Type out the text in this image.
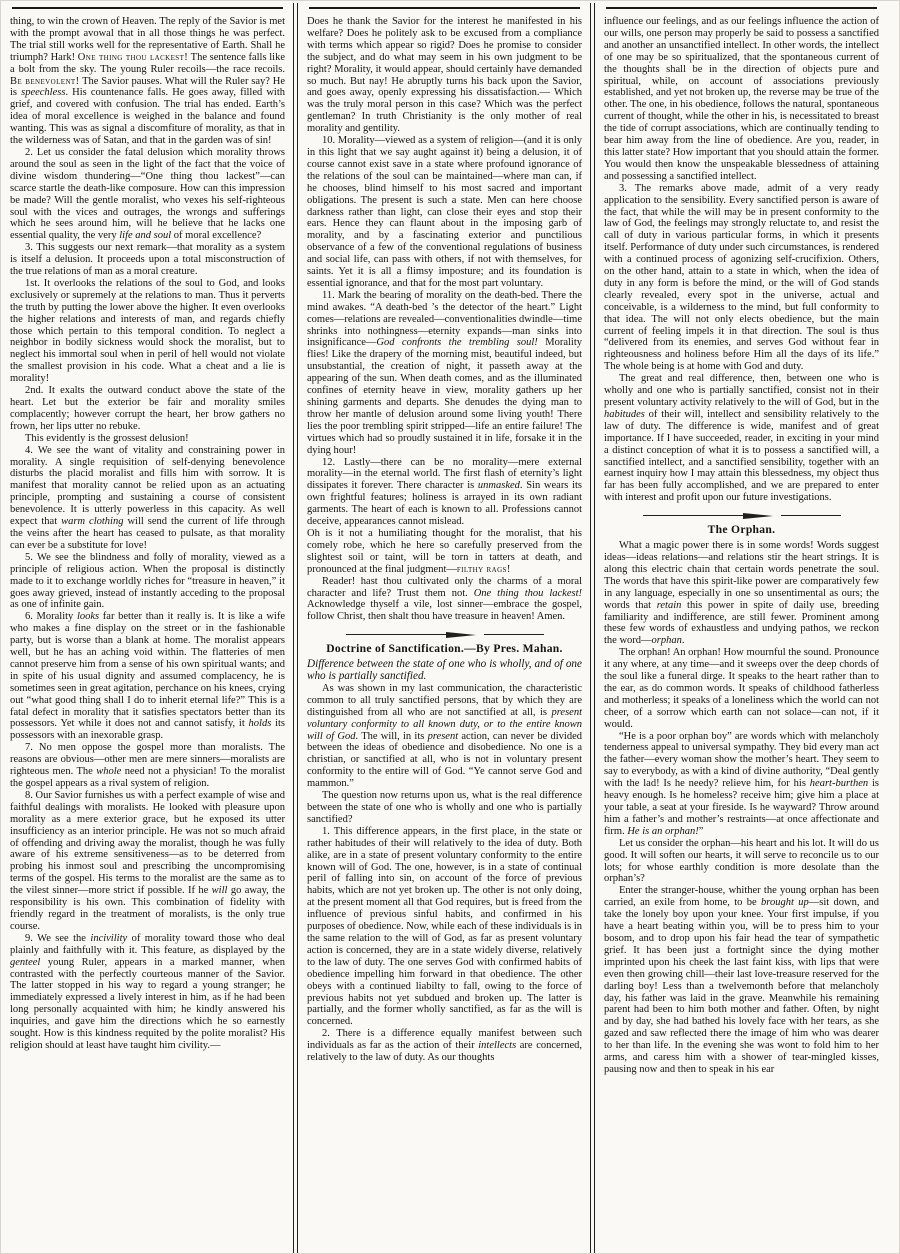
thing, to win the crown of Heaven. The reply of the Savior is met with the prompt avowal that in all those things he was perfect. The trial still works well for the representative of Earth. Shall he triumph? Hark! One thing thou lackest! The sentence falls like a bolt from the sky. The young Ruler recoils—the race recoils. Be benevolent! The Savior pauses. What will the Ruler say? He is speechless. His countenance falls. He goes away, filled with grief, and covered with confusion. The trial has ended. Earth’s idea of moral excellence is weighed in the balance and found wanting. This was as signal a discomfiture of morality, as that in the wilderness was of Satan, and that in the garden was of sin!

2. Let us consider the fatal delusion which morality throws around the soul as seen in the light of the fact that the voice of divine wisdom thundering—“One thing thou lackest”—can scarce startle the death-like composure. How can this impression be made? Will the gentle moralist, who vexes his self-righteous soul with the vices and outrages, the wrongs and sufferings which he sees around him, will he believe that he lacks one essential quality, the very life and soul of moral excellence?

3. This suggests our next remark—that morality as a system is itself a delusion. It proceeds upon a total misconstruction of the true relations of man as a moral creature.

1st. It overlooks the relations of the soul to God, and looks exclusively or supremely at the relations to man. Thus it perverts the truth by putting the lower above the higher. It even overlooks the higher relations and interests of man, and regards chiefly those which pertain to this temporal condition. To neglect a neighbor in bodily sickness would shock the moralist, but to neglect his immortal soul when in peril of hell would not violate the smallest provision in his code. What a cheat and a lie is morality!

2nd. It exalts the outward conduct above the state of the heart. Let but the exterior be fair and morality smiles complacently; however corrupt the heart, her brow gathers no frown, her lips utter no rebuke.

This evidently is the grossest delusion!

4. We see the want of vitality and constraining power in morality. A single requisition of self-denying benevolence disturbs the placid moralist and fills him with sorrow. It is manifest that morality cannot be relied upon as an actuating principle, prompting and sustaining a course of consistent benevolence. It is utterly powerless in this capacity. As well expect that warm clothing will send the current of life through the veins after the heart has ceased to pulsate, as that morality can ever be a substitute for love!

5. We see the blindness and folly of morality, viewed as a principle of religious action. When the proposal is distinctly made to it to exchange worldly riches for “treasure in heaven,” it goes away grieved, instead of instantly acceding to the proposal as one of infinite gain.

6. Morality looks far better than it really is. It is like a wife who makes a fine display on the street or in the fashionable party, but is worse than a blank at home. The moralist appears well, but he has an aching void within. The flatteries of men cannot preserve him from a sense of his own spiritual wants; and in spite of his usual dignity and assumed complacency, he is sometimes seen in great agitation, perchance on his knees, crying out “what good thing shall I do to inherit eternal life?” This is a fatal defect in morality that it satisfies spectators better than its possessors. Yet while it does not and cannot satisfy, it holds its possessors with an inexorable grasp.

7. No men oppose the gospel more than moralists. The reasons are obvious—other men are mere sinners—moralists are righteous men. The whole need not a physician! To the moralist the gospel appears as a rival system of religion.

8. Our Savior furnishes us with a perfect example of wise and faithful dealings with moralists. He looked with pleasure upon morality as a mere exterior grace, but he exposed its utter insufficiency as an interior principle. He was not so much afraid of offending and driving away the moralist, though he was fully aware of his extreme sensitiveness—as to be deterred from probing his inmost soul and prescribing the uncompromising terms of the gospel. His terms to the moralist are the same as to the vilest sinner—more strict if possible. If he will go away, the responsibility is his own. This combination of fidelity with friendly regard in the treatment of moralists, is the only true course.

9. We see the incivility of morality toward those who deal plainly and faithfully with it. This feature, as displayed by the genteel young Ruler, appears in a marked manner, when contrasted with the perfectly courteous manner of the Savior. The latter stopped in his way to regard a young stranger; he immediately expressed a lively interest in him, as if he had been long personally acquainted with him; he kindly answered his inquiries, and gave him the directions which he so earnestly sought. How is this kindness requited by the polite moralist? His religion should at least have taught him civility.—

Does he thank the Savior for the interest he manifested in his welfare? Does he politely ask to be excused from a compliance with terms which appear so rigid? Does he promise to consider the subject, and do what may seem in his own judgment to be right? Morality, it would appear, should certainly have demanded so much. But nay! He abruptly turns his back upon the Savior, and goes away, openly expressing his dissatisfaction.— Which was the truly moral person in this case? Which was the perfect gentleman? In truth Christianity is the only mother of real morality and gentility.

10. Morality—viewed as a system of religion—(and it is only in this light that we say aught against it) being a delusion, it of course cannot exist save in a state where profound ignorance of the relations of the soul can be maintained—where man can, if he chooses, blind himself to his most sacred and important obligations. The present is such a state. Men can here choose darkness rather than light, can close their eyes and stop their ears. Hence they can flaunt about in the imposing garb of morality, and by a fascinating exterior and punctilious observance of a few of the conventional regulations of business and social life, can pass with others, if not with themselves, for saints. Yet it is all a flimsy imposture; and its foundation is essential ignorance, and that for the most part voluntary.

11. Mark the bearing of morality on the death-bed. There the mind awakes. “A death-bed ’s the detector of the heart.” Light comes—relations are revealed—conventionalities dwindle—time shrinks into nothingness—eternity expands—man sinks into insignificance—God confronts the trembling soul! Morality flies! Like the drapery of the morning mist, beautiful indeed, but unsubstantial, the creation of night, it passeth away at the appearing of the sun. When death comes, and as the illuminated confines of eternity heave in view, morality gathers up her shining garments and departs. She denudes the dying man to throw her mantle of delusion around some living youth! There lies the poor trembling spirit stripped—life an entire failure! The virtues which had so proudly sustained it in life, forsake it in the dying hour!

12. Lastly—there can be no morality—mere external morality—in the eternal world. The first flash of eternity’s light dissipates it forever. There character is unmasked. Sin wears its own frightful features; holiness is arrayed in its own radiant garments. The heart of each is known to all. Professions cannot deceive, appearances cannot mislead.

Oh is it not a humiliating thought for the moralist, that his comely robe, which he here so carefully preserved from the slightest soil or taint, will be torn in tatters at death, and pronounced at the final judgment—filthy rags!

Reader! hast thou cultivated only the charms of a moral character and life? Trust them not. One thing thou lackest! Acknowledge thyself a vile, lost sinner—embrace the gospel, follow Christ, then shalt thou have treasure in heaven! Amen.

Doctrine of Sanctification.—By Pres. Mahan.

Difference between the state of one who is wholly, and of one who is partially sanctified.

As was shown in my last communication, the characteristic common to all truly sanctified persons, that by which they are distinguished from all who are not sanctified at all, is present voluntary conformity to all known duty, or to the entire known will of God. The will, in its present action, can never be divided between the ideas of obedience and disobedience. No one is a christian, or sanctified at all, who is not in voluntary present conformity to the entire will of God. “Ye cannot serve God and mammon.”

The question now returns upon us, what is the real difference between the state of one who is wholly and one who is partially sanctified?

1. This difference appears, in the first place, in the state or rather habitudes of their will relatively to the idea of duty. Both alike, are in a state of present voluntary conformity to the entire known will of God. The one, however, is in a state of continual peril of falling into sin, on account of the force of previous habits, which are not yet broken up. The other is not only doing, at the present moment all that God requires, but is freed from the influence of previous sinful habits, and confirmed in his purposes of obedience. Now, while each of these individuals is in the same relation to the will of God, as far as present voluntary action is concerned, they are in a state widely diverse, relatively to the law of duty. The one serves God with confirmed habits of obedience impelling him forward in that obedience. The other obeys with a continued liabilty to fall, owing to the force of previous habits not yet subdued and broken up. The latter is partially, and the former wholly sanctified, as far as the will is concerned.

2. There is a difference equally manifest between such individuals as far as the action of their intellects are concerned, relatively to the law of duty. As our thoughts

influence our feelings, and as our feelings influence the action of our wills, one person may properly be said to possess a sanctified and another an unsanctified intellect. In other words, the intellect of one may be so spiritualized, that the spontaneous current of the thoughts shall be in the direction of objects pure and spiritual, while, on account of associations previously established, and yet not broken up, the reverse may be true of the other. The one, in his obedience, follows the natural, spontaneous current of thought, while the other in his, is necessitated to breast the tide of corrupt associations, which are continually tending to bear him away from the line of obedience. Are you, reader, in this latter state? How important that you should attain the former. You would then know the unspeakable blessedness of attaining and possessing a sanctified intellect.

3. The remarks above made, admit of a very ready application to the sensibility. Every sanctified person is aware of the fact, that while the will may be in present conformity to the law of God, the feelings may strongly reluctate to, and resist the call of duty in various particular forms, in which it presents itself. Performance of duty under such circumstances, is rendered with a continued process of agonizing self-crucifixion. Others, on the other hand, attain to a state in which, when the idea of duty in any form is before the mind, or the will of God stands clearly revealed, every spot in the universe, actual and conceivable, is a wilderness to the mind, but full conformity to that idea. The will not only elects obedience, but the main current of feeling impels it in that direction. The soul is thus “delivered from its enemies, and serves God without fear in righteousness and holiness before Him all the days of its life.” The whole being is at home with God and duty.

The great and real difference, then, between one who is wholly and one who is partially sanctified, consist not in their present voluntary activity relatively to the will of God, but in the habitudes of their will, intellect and sensibility relatively to the law of duty. The difference is wide, manifest and of great importance. If I have succeeded, reader, in exciting in your mind a distinct conception of what it is to possess a sanctified will, a sanctified intellect, and a sanctified sensibility, together with an earnest inquiry how I may attain this blessedness, my object thus far has been fully accomplished, and we are prepared to enter with interest and profit upon our future investigations.

The Orphan.

What a magic power there is in some words! Words suggest ideas—ideas relations—and relations stir the heart strings. It is along this electric chain that certain words penetrate the soul. The words that have this spirit-like power are comparatively few in any language, especially in one so unsentimental as ours; the words that retain this power in spite of daily use, breeding familiarity and indifference, are still fewer. Prominent among these few words of exhaustless and undying pathos, we reckon the word—orphan.

The orphan! An orphan! How mournful the sound. Pronounce it any where, at any time—and it sweeps over the deep chords of the soul like a funeral dirge. It speaks to the heart rather than to the ear, as do common words. It speaks of childhood fatherless and motherless; it speaks of a loneliness which the world can not cheer, of a sorrow which earth can not solace—can not, if it would.

“He is a poor orphan boy” are words which with melancholy tenderness appeal to universal sympathy. They bid every man act the father—every woman show the mother’s heart. They seem to say to everybody, as with a kind of divine authority, “Deal gently with the lad! Is he needy? relieve him, for his heart-burthen is heavy enough. Is he homeless? receive him; give him a place at your table, a seat at your fireside. Is he wayward? Throw around him a father’s and mother’s restraints—at once affectionate and firm. He is an orphan!”

Let us consider the orphan—his heart and his lot. It will do us good. It will soften our hearts, it will serve to reconcile us to our lots; for whose earthly condition is more desolate than the orphan’s?

Enter the stranger-house, whither the young orphan has been carried, an exile from home, to be brought up—sit down, and take the lonely boy upon your knee. Your first impulse, if you have a heart beating within you, will be to press him to your bosom, and to drop upon his fair head the tear of sympathetic grief. It has been just a fortnight since the dying mother imprinted upon his cheek the last faint kiss, with lips that were even then growing chill—their last love-treasure reserved for the darling boy! Less than a twelvemonth before that melancholy day, his father was laid in the grave. Meanwhile his remaining parent had been to him both mother and father. Often, by night and by day, she had bathed his lovely face with her tears, as she gazed and saw reflected there the image of him who was dearer to her than life. In the evening she was wont to fold him to her arms, and caress him with a shower of tear-mingled kisses, pausing now and then to speak in his ear
